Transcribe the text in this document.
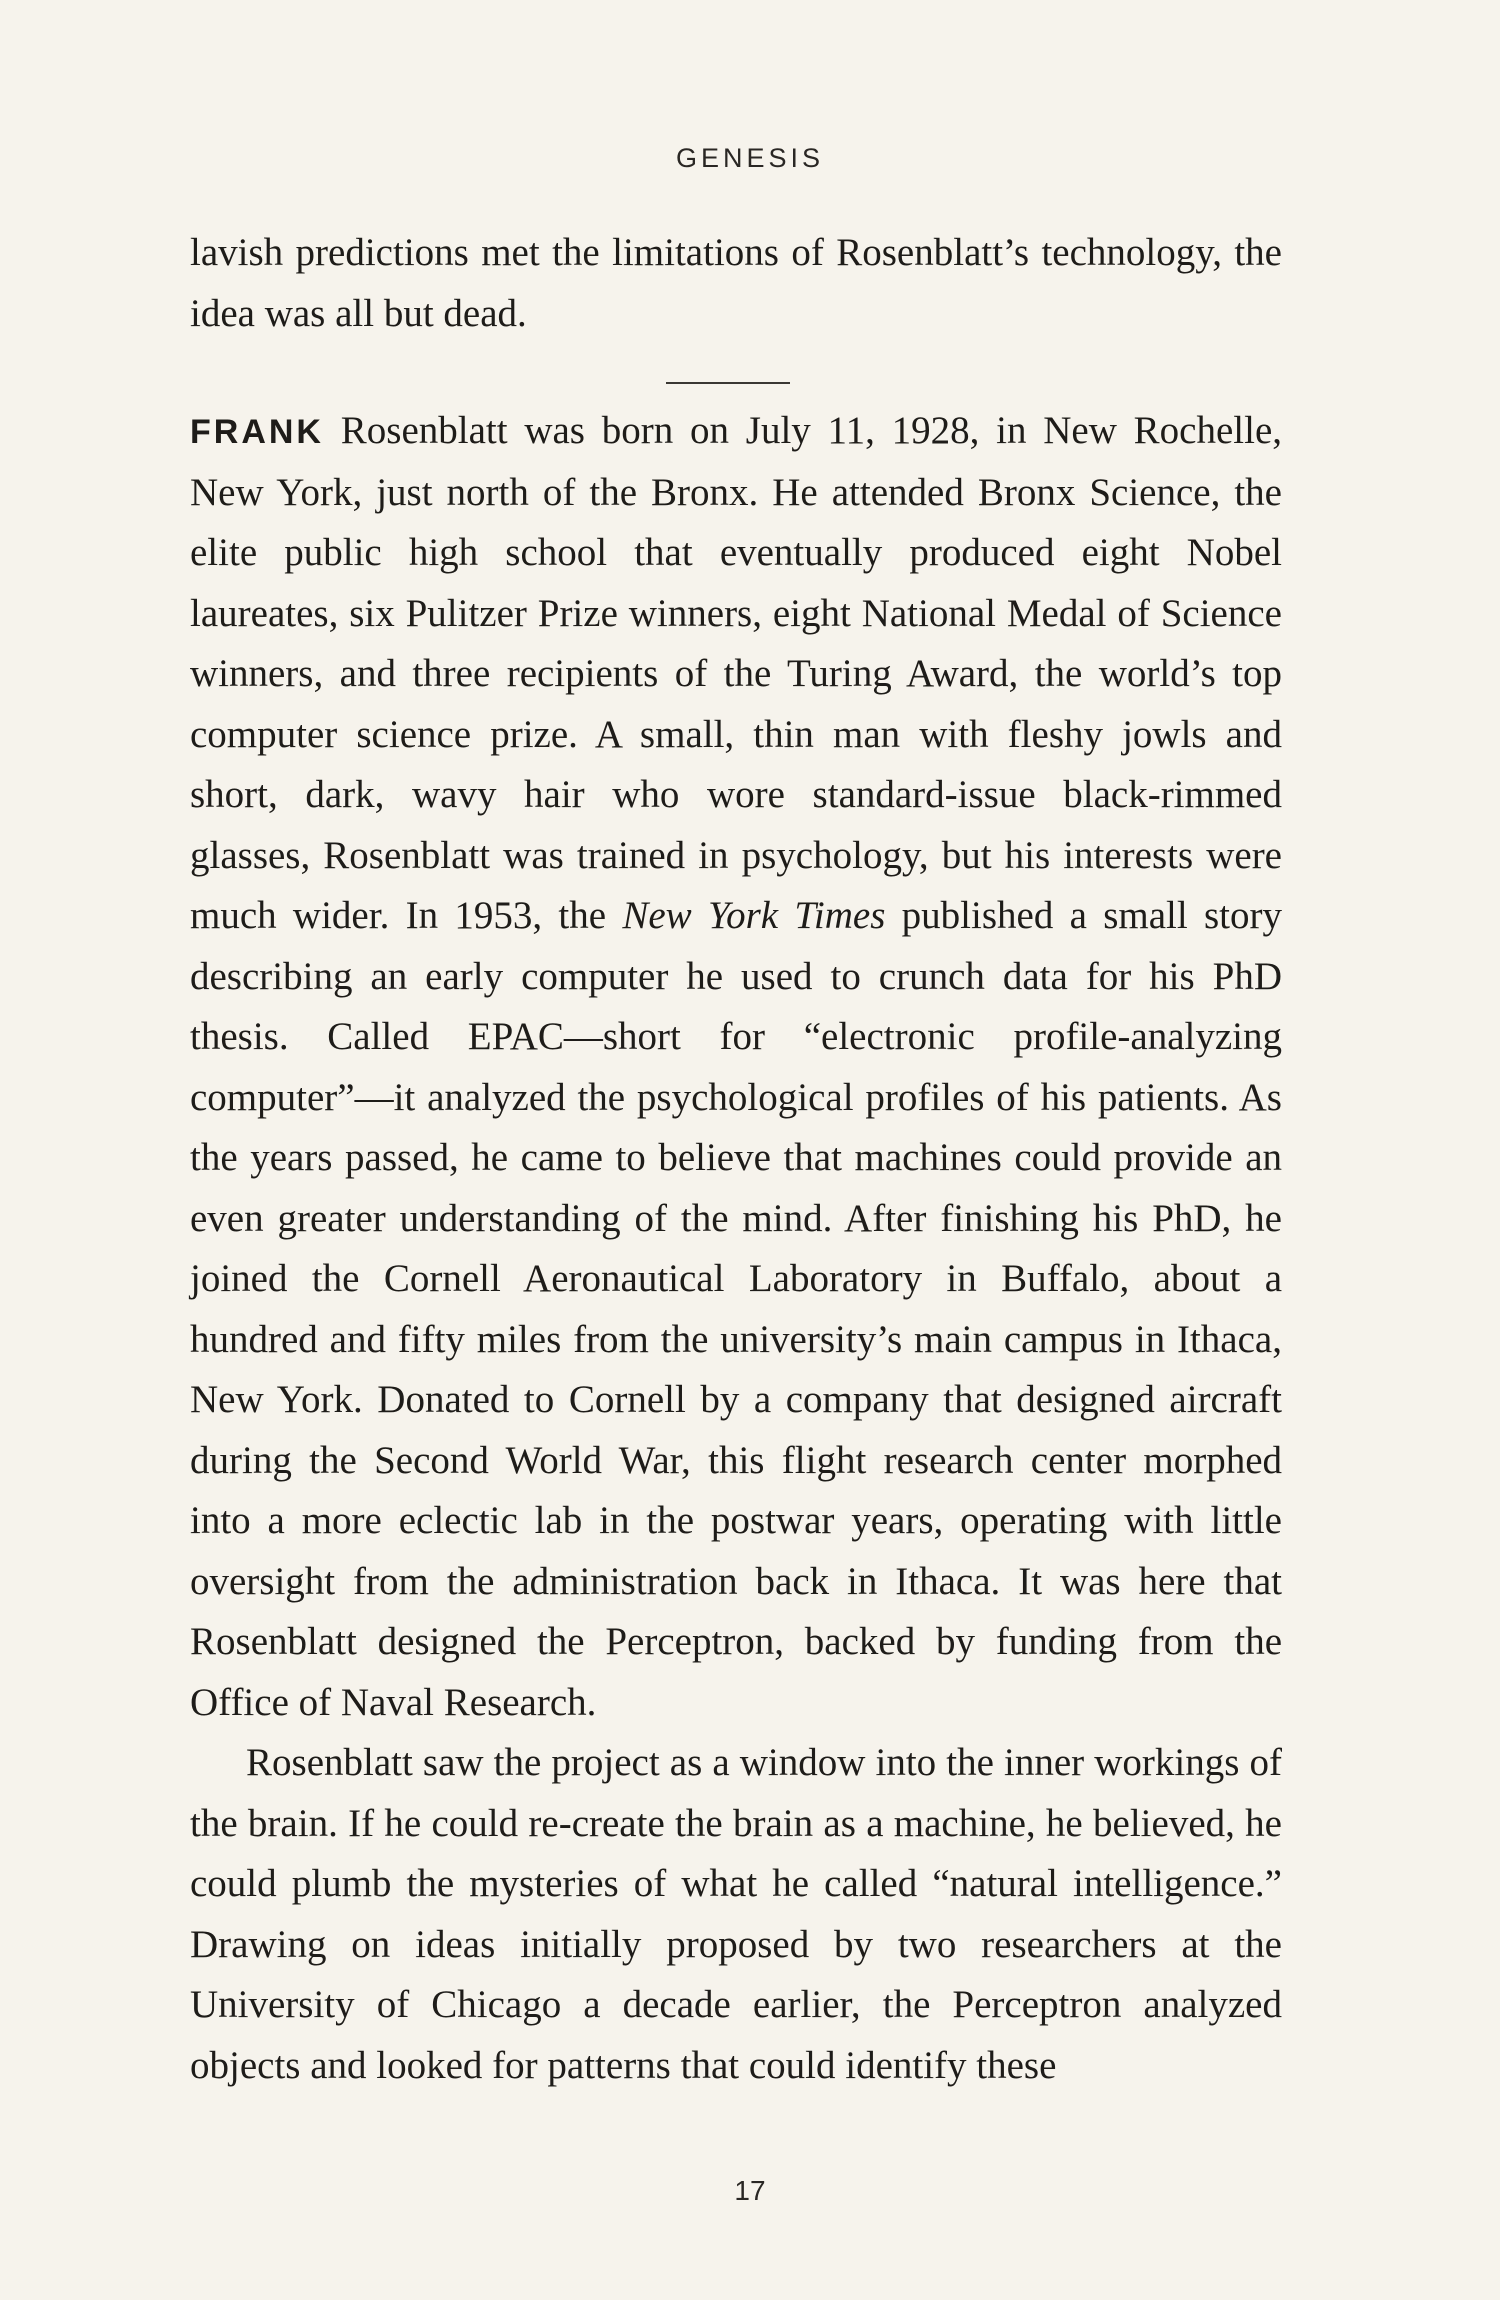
GENESIS

lavish predictions met the limitations of Rosenblatt’s technology, the idea was all but dead.

FRANK Rosenblatt was born on July 11, 1928, in New Rochelle, New York, just north of the Bronx. He attended Bronx Science, the elite public high school that eventually produced eight Nobel laureates, six Pulitzer Prize winners, eight National Medal of Science winners, and three recipients of the Turing Award, the world’s top computer science prize. A small, thin man with fleshy jowls and short, dark, wavy hair who wore standard-issue black-rimmed glasses, Rosenblatt was trained in psychology, but his interests were much wider. In 1953, the New York Times published a small story describing an early computer he used to crunch data for his PhD thesis. Called EPAC—short for “electronic profile-analyzing computer”—it analyzed the psychological profiles of his patients. As the years passed, he came to believe that machines could provide an even greater understanding of the mind. After finishing his PhD, he joined the Cornell Aeronautical Laboratory in Buffalo, about a hundred and fifty miles from the university’s main campus in Ithaca, New York. Donated to Cornell by a company that designed aircraft during the Second World War, this flight research center morphed into a more eclectic lab in the postwar years, operating with little oversight from the administration back in Ithaca. It was here that Rosenblatt designed the Perceptron, backed by funding from the Office of Naval Research.

Rosenblatt saw the project as a window into the inner workings of the brain. If he could re-create the brain as a machine, he believed, he could plumb the mysteries of what he called “natural intelligence.” Drawing on ideas initially proposed by two researchers at the University of Chicago a decade earlier, the Perceptron analyzed objects and looked for patterns that could identify these

17
